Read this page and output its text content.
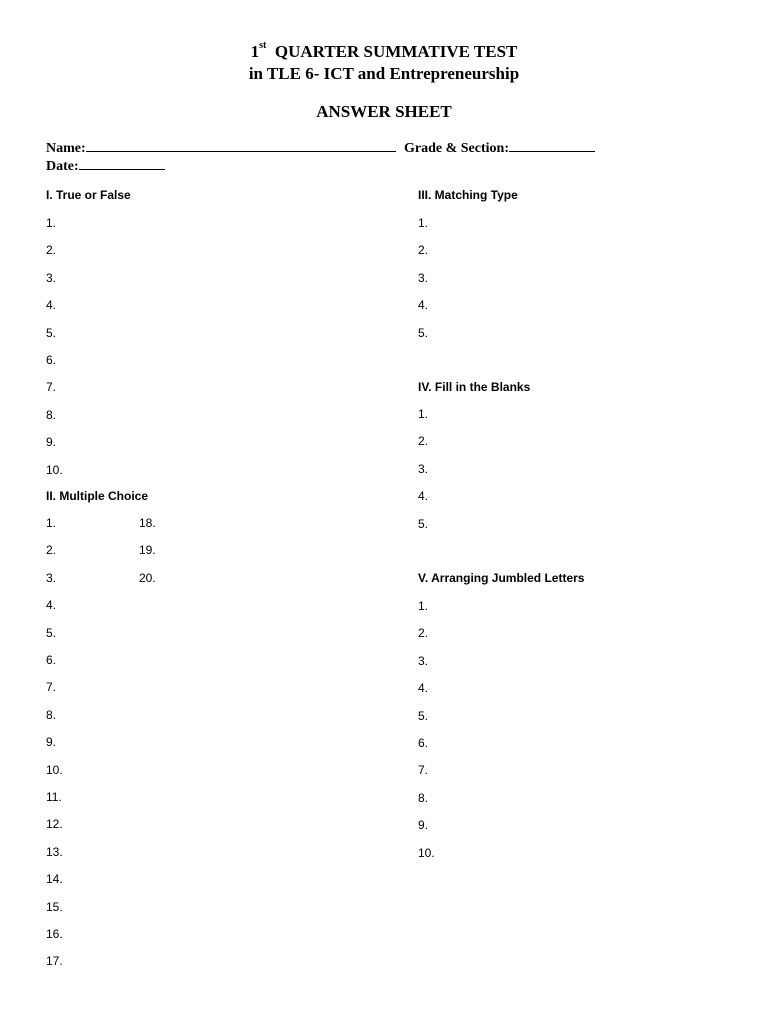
1st QUARTER SUMMATIVE TEST
in TLE 6- ICT and Entrepreneurship
ANSWER SHEET
Name:	Grade & Section:
Date:
I. True or False
1.
2.
3.
4.
5.
6.
7.
8.
9.
10.
II. Multiple Choice
1.
2.
3.
4.
5.
6.
7.
8.
9.
10.
11.
12.
13.
14.
15.
16.
17.
18.
19.
20.
III. Matching Type
1.
2.
3.
4.
5.
IV. Fill in the Blanks
1.
2.
3.
4.
5.
V. Arranging Jumbled Letters
1.
2.
3.
4.
5.
6.
7.
8.
9.
10.
